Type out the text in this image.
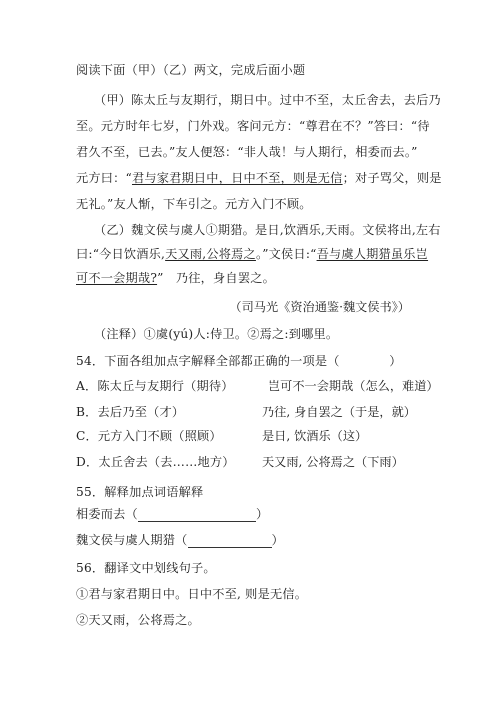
阅读下面（甲）（乙）两文，完成后面小题
（甲）陈太丘与友期行，期日中。过中不至，太丘舍去，去后乃
至。元方时年七岁，门外戏。客问元方：“尊君在不？”答曰：“待
君久不至，已去。”友人便怒：“非人哉！与人期行，相委而去。”
元方曰：“君与家君期日中，日中不至，则是无信；对子骂父，则是
无礼。”友人惭，下车引之。元方入门不顾。
（乙）魏文侯与虞人①期猎。是日,饮酒乐,天雨。文侯将出,左右
曰:“今日饮酒乐,天又雨,公将焉之。”文侯日:“吾与虞人期猎虽乐岂
可不一会期哉?”　乃往，身自罢之。
（司马光《资治通鉴·魏文侯书》）
（注释）①虞(yú)人:侍卫。②焉之:到哪里。
54．下面各组加点字解释全部都正确的一项是（　　　　）
A．陈太丘与友期行（期待）	岂可不一会期哉（怎么，难道）
B．去后乃至（才）	乃往, 身自罢之（于是，就）
C．元方入门不顾（照顾）	是日, 饮酒乐（这）
D．太丘舍去（去……地方） 天又雨, 公将焉之（下雨）
55．解释加点词语解释
相委而去（	）
魏文侯与虞人期猎（	）
56．翻译文中划线句子。
①君与家君期日中。日中不至, 则是无信。
②天又雨，公将焉之。
